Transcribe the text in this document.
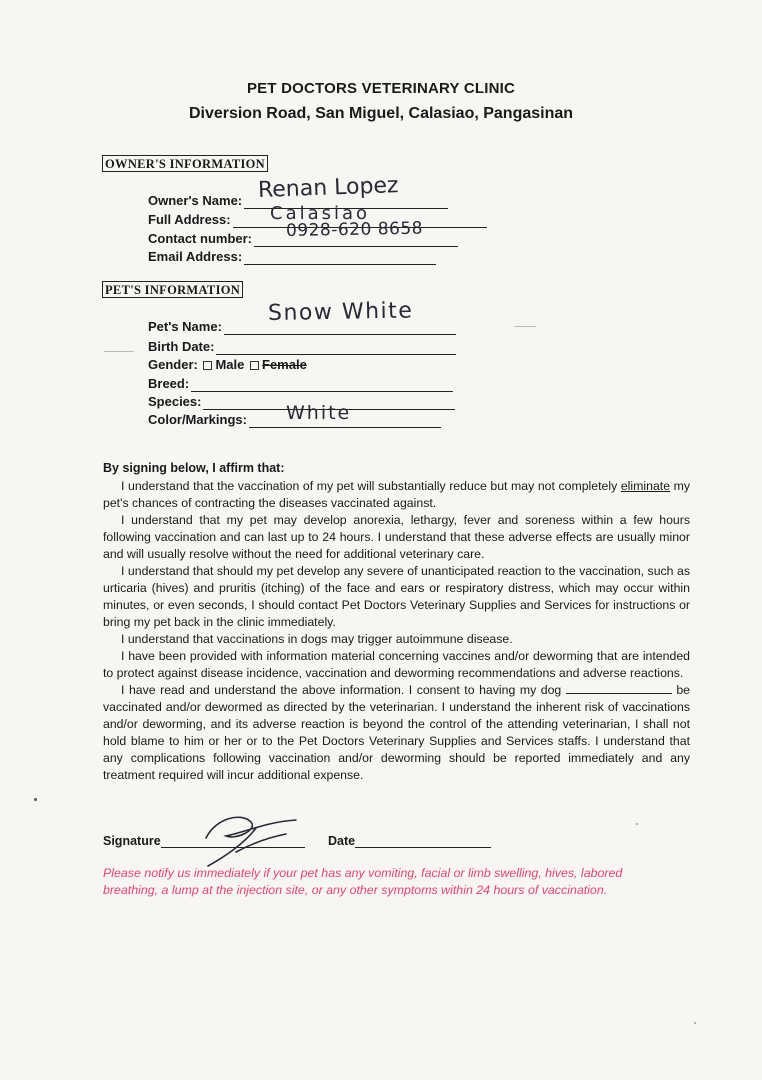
PET DOCTORS VETERINARY CLINIC
Diversion Road, San Miguel, Calasiao, Pangasinan
OWNER'S INFORMATION
Owner's Name: Renan Lopez
Full Address:	Calasiao
Contact number:	0928-620 8658
Email Address:
PET'S INFORMATION
Pet's Name:
Snow White
Birth Date:
Gender: Male Female
Breed:
Species:
Color/Markings:	White
By signing below, I affirm that:

I understand that the vaccination of my pet will substantially reduce but may not completely eliminate my pet's chances of contracting the diseases vaccinated against.

I understand that my pet may develop anorexia, lethargy, fever and soreness within a few hours following vaccination and can last up to 24 hours. I understand that these adverse effects are usually minor and will usually resolve without the need for additional veterinary care.

I understand that should my pet develop any severe of unanticipated reaction to the vaccination, such as urticaria (hives) and pruritis (itching) of the face and ears or respiratory distress, which may occur within minutes, or even seconds, I should contact Pet Doctors Veterinary Supplies and Services for instructions or bring my pet back in the clinic immediately.

I understand that vaccinations in dogs may trigger autoimmune disease.

I have been provided with information material concerning vaccines and/or deworming that are intended to protect against disease incidence, vaccination and deworming recommendations and adverse reactions.

I have read and understand the above information. I consent to having my dog	be vaccinated and/or dewormed as directed by the veterinarian. I understand the inherent risk of vaccinations and/or deworming, and its adverse reaction is beyond the control of the attending veterinarian, I shall not hold blame to him or her or to the Pet Doctors Veterinary Supplies and Services staffs. I understand that any complications following vaccination and/or deworming should be reported immediately and any treatment required will incur additional expense.

Signature	Date
Please notify us immediately if your pet has any vomiting, facial or limb swelling, hives, labored breathing, a lump at the injection site, or any other symptoms within 24 hours of vaccination.
